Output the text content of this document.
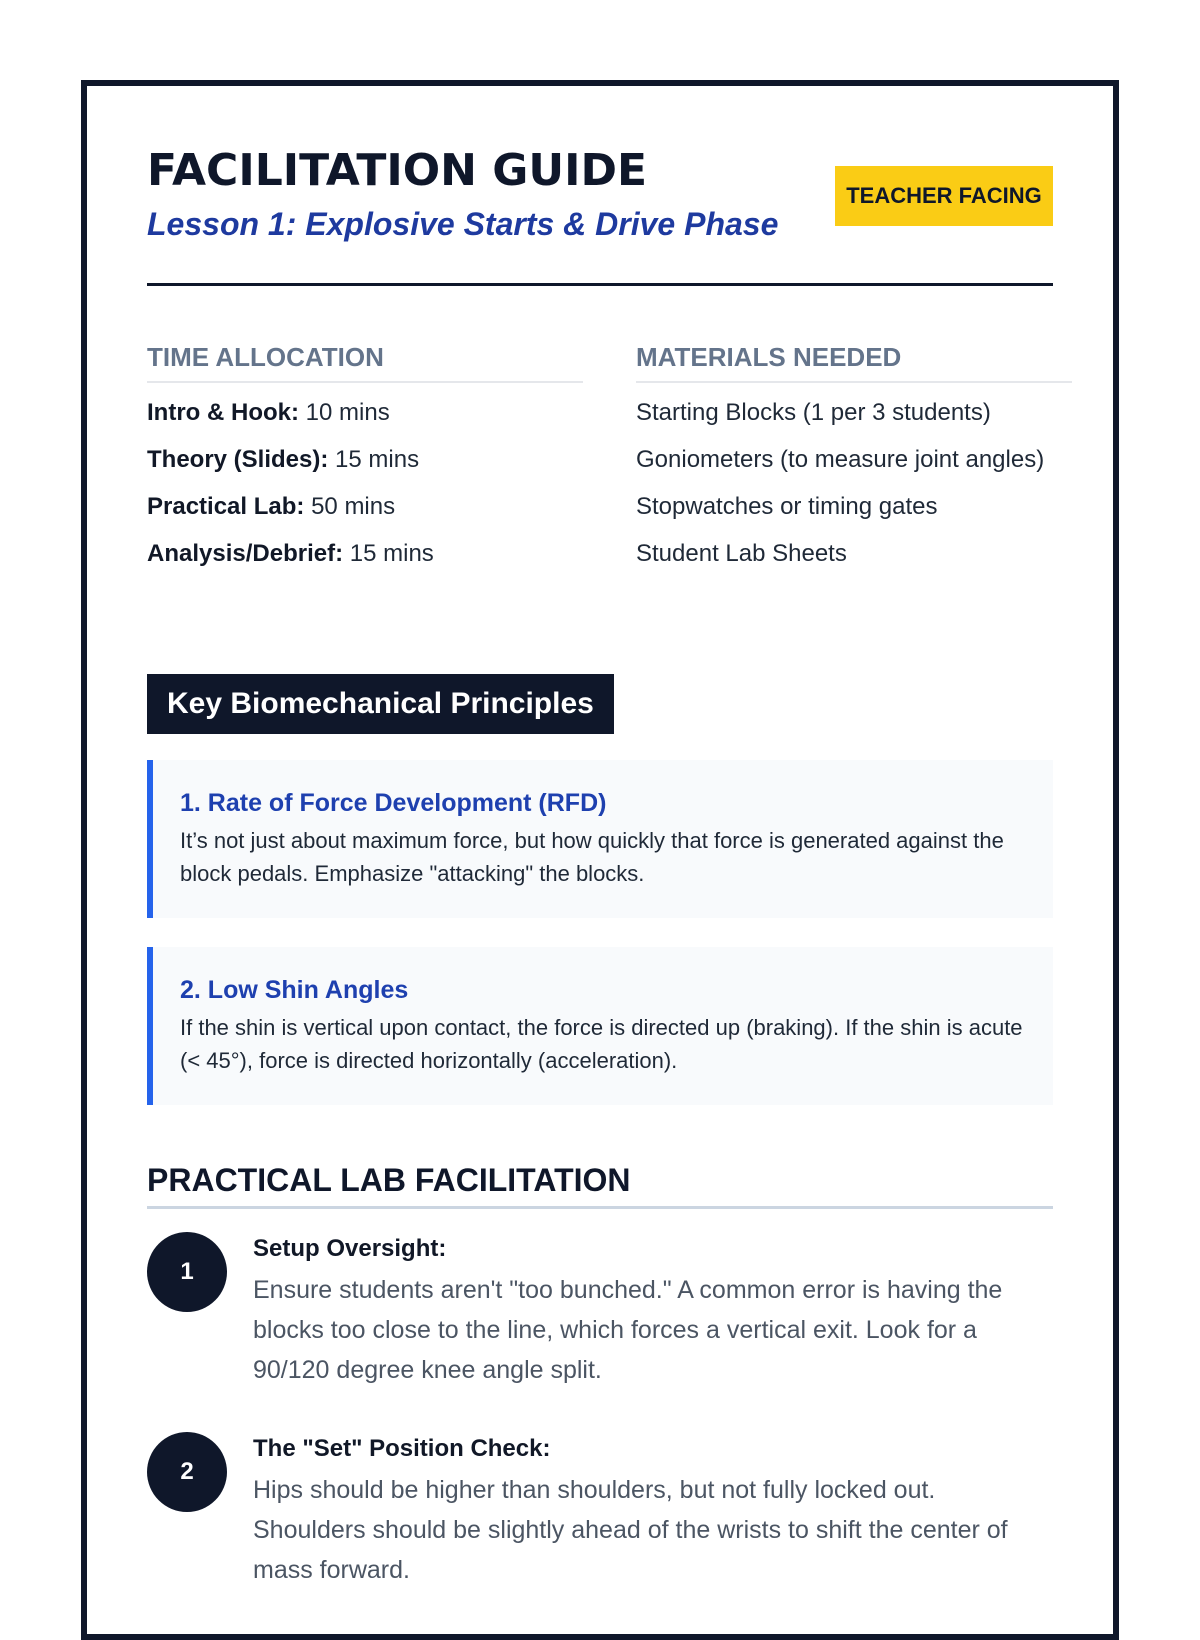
FACILITATION GUIDE
Lesson 1: Explosive Starts & Drive Phase
TEACHER FACING
TIME ALLOCATION
Intro & Hook: 10 mins
Theory (Slides): 15 mins
Practical Lab: 50 mins
Analysis/Debrief: 15 mins
MATERIALS NEEDED
Starting Blocks (1 per 3 students)
Goniometers (to measure joint angles)
Stopwatches or timing gates
Student Lab Sheets
Key Biomechanical Principles
1. Rate of Force Development (RFD)

It’s not just about maximum force, but how quickly that force is generated against the block pedals. Emphasize "attacking" the blocks.

2. Low Shin Angles

If the shin is vertical upon contact, the force is directed up (braking). If the shin is acute (< 45°), force is directed horizontally (acceleration).

PRACTICAL LAB FACILITATION
1
Setup Oversight:

Ensure students aren't "too bunched." A common error is having the blocks too close to the line, which forces a vertical exit. Look for a 90/120 degree knee angle split.

2
The "Set" Position Check:

Hips should be higher than shoulders, but not fully locked out. Shoulders should be slightly ahead of the wrists to shift the center of mass forward.
